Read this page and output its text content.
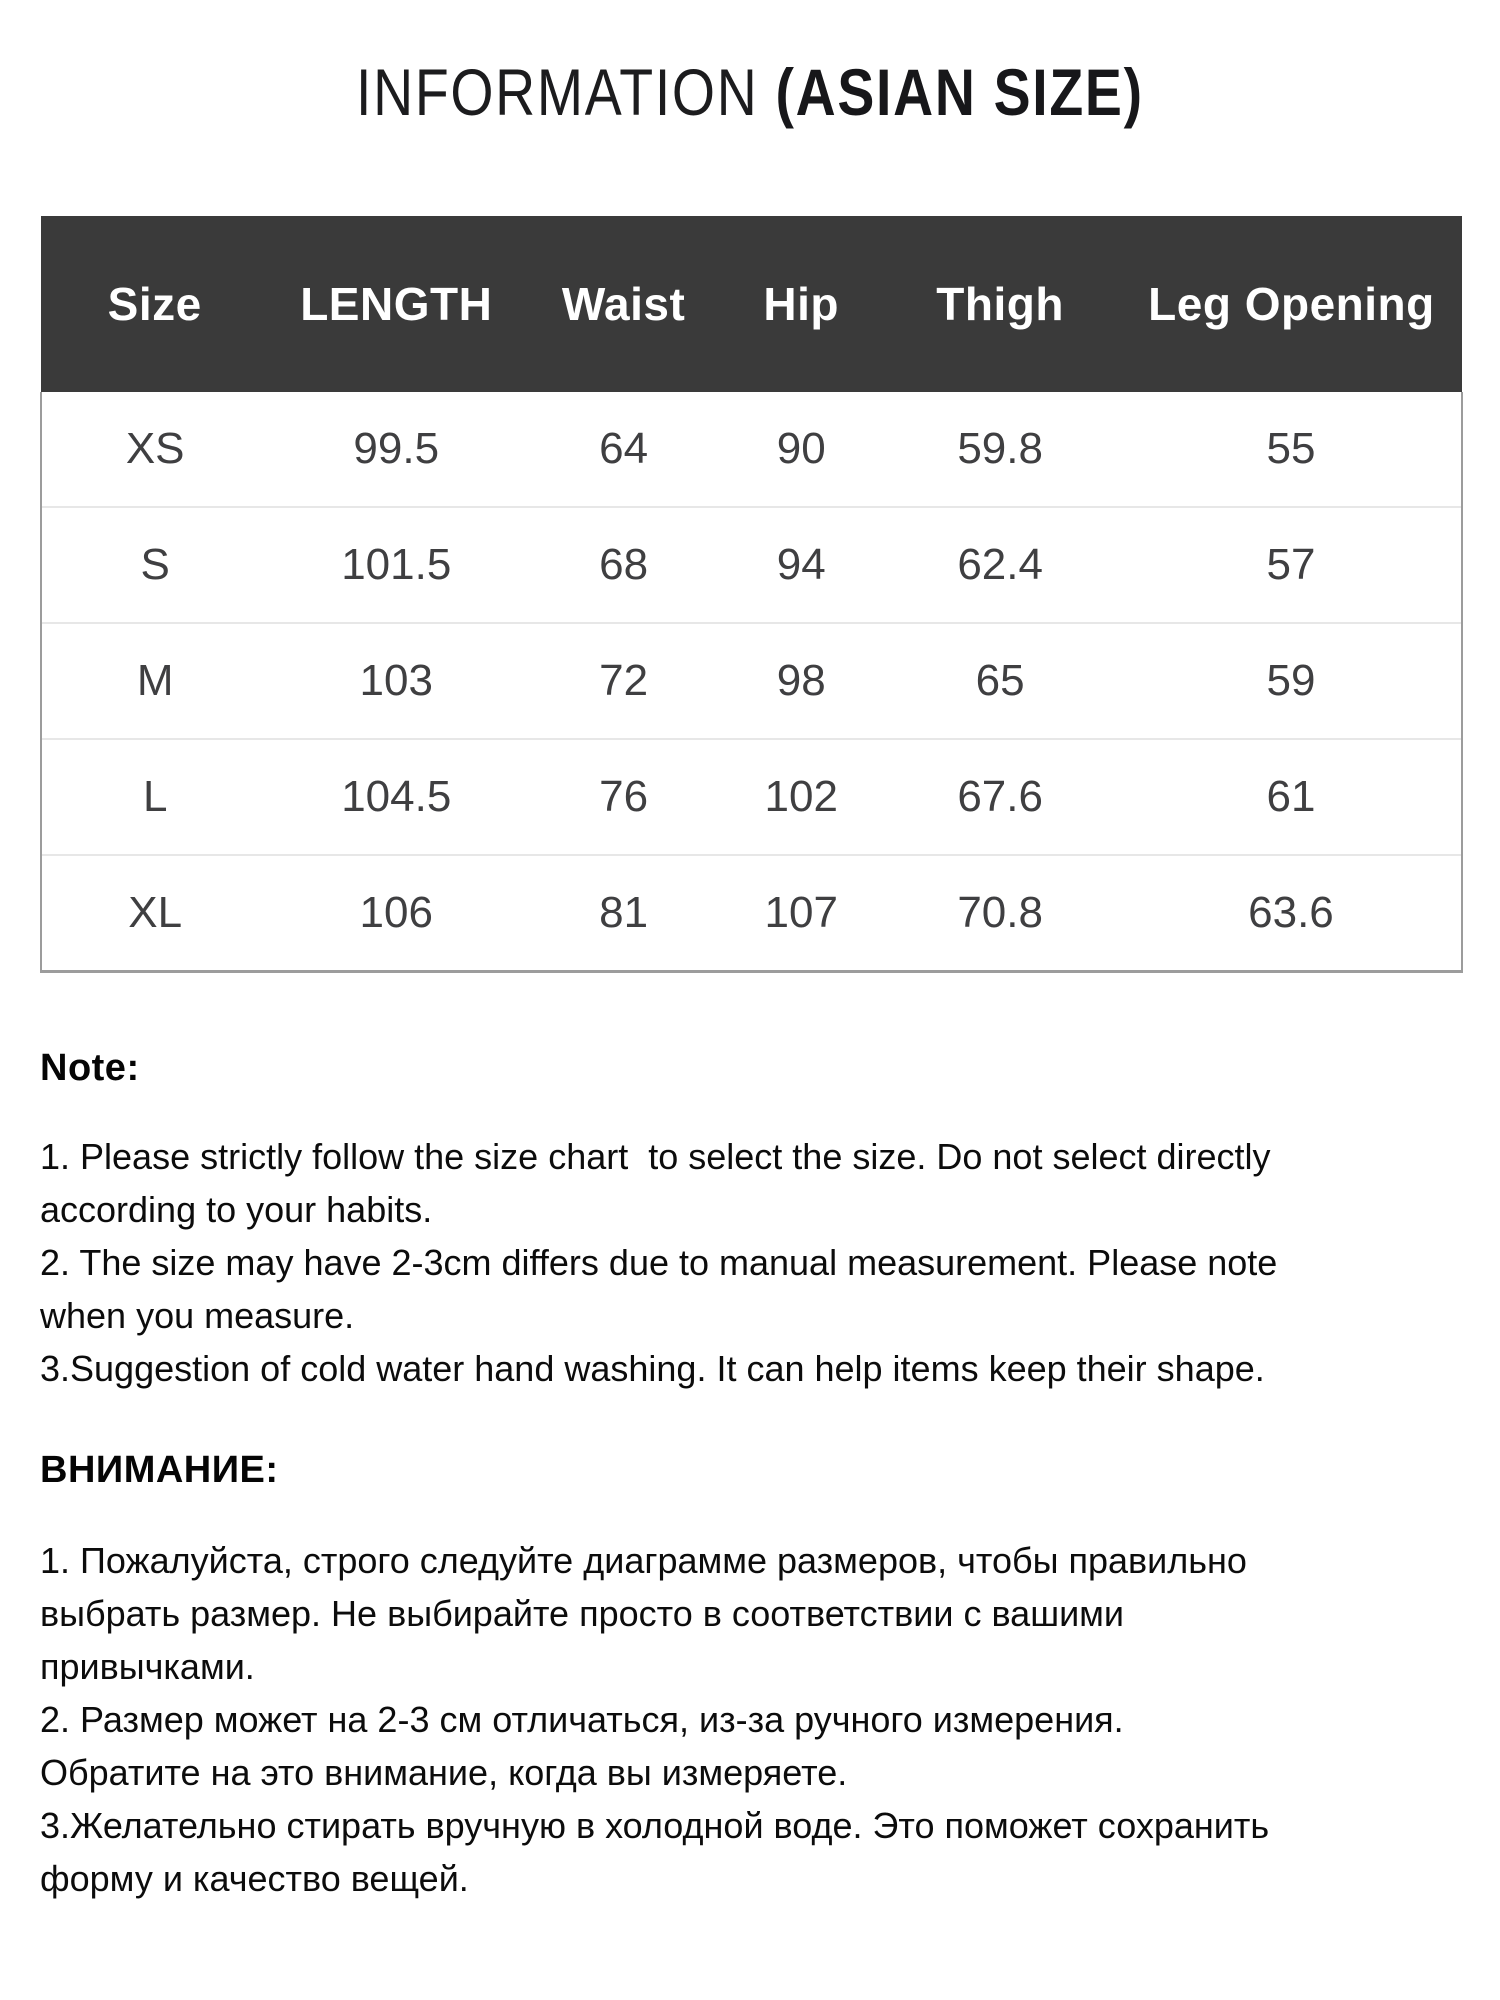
INFORMATION (ASIAN SIZE)
Size	LENGTH	Waist	Hip	Thigh	Leg Opening
XS	99.5	64	90	59.8	55
S	101.5	68	94	62.4	57
M	103	72	98	65	59
L	104.5	76	102	67.6	61
XL	106	81	107	70.8	63.6
Note:
1. Please strictly follow the size chart  to select the size. Do not select directly
according to your habits.
2. The size may have 2-3cm differs due to manual measurement. Please note
when you measure.
3.Suggestion of cold water hand washing. It can help items keep their shape.
ВНИМАНИЕ:
1. Пожалуйста, строго следуйте диаграмме размеров, чтобы правильно
выбрать размер. Не выбирайте просто в соответствии с вашими
привычками.
2. Размер может на 2-3 см отличаться, из-за ручного измерения.
Обратите на это внимание, когда вы измеряете.
3.Желательно стирать вручную в холодной воде. Это поможет сохранить
форму и качество вещей.
